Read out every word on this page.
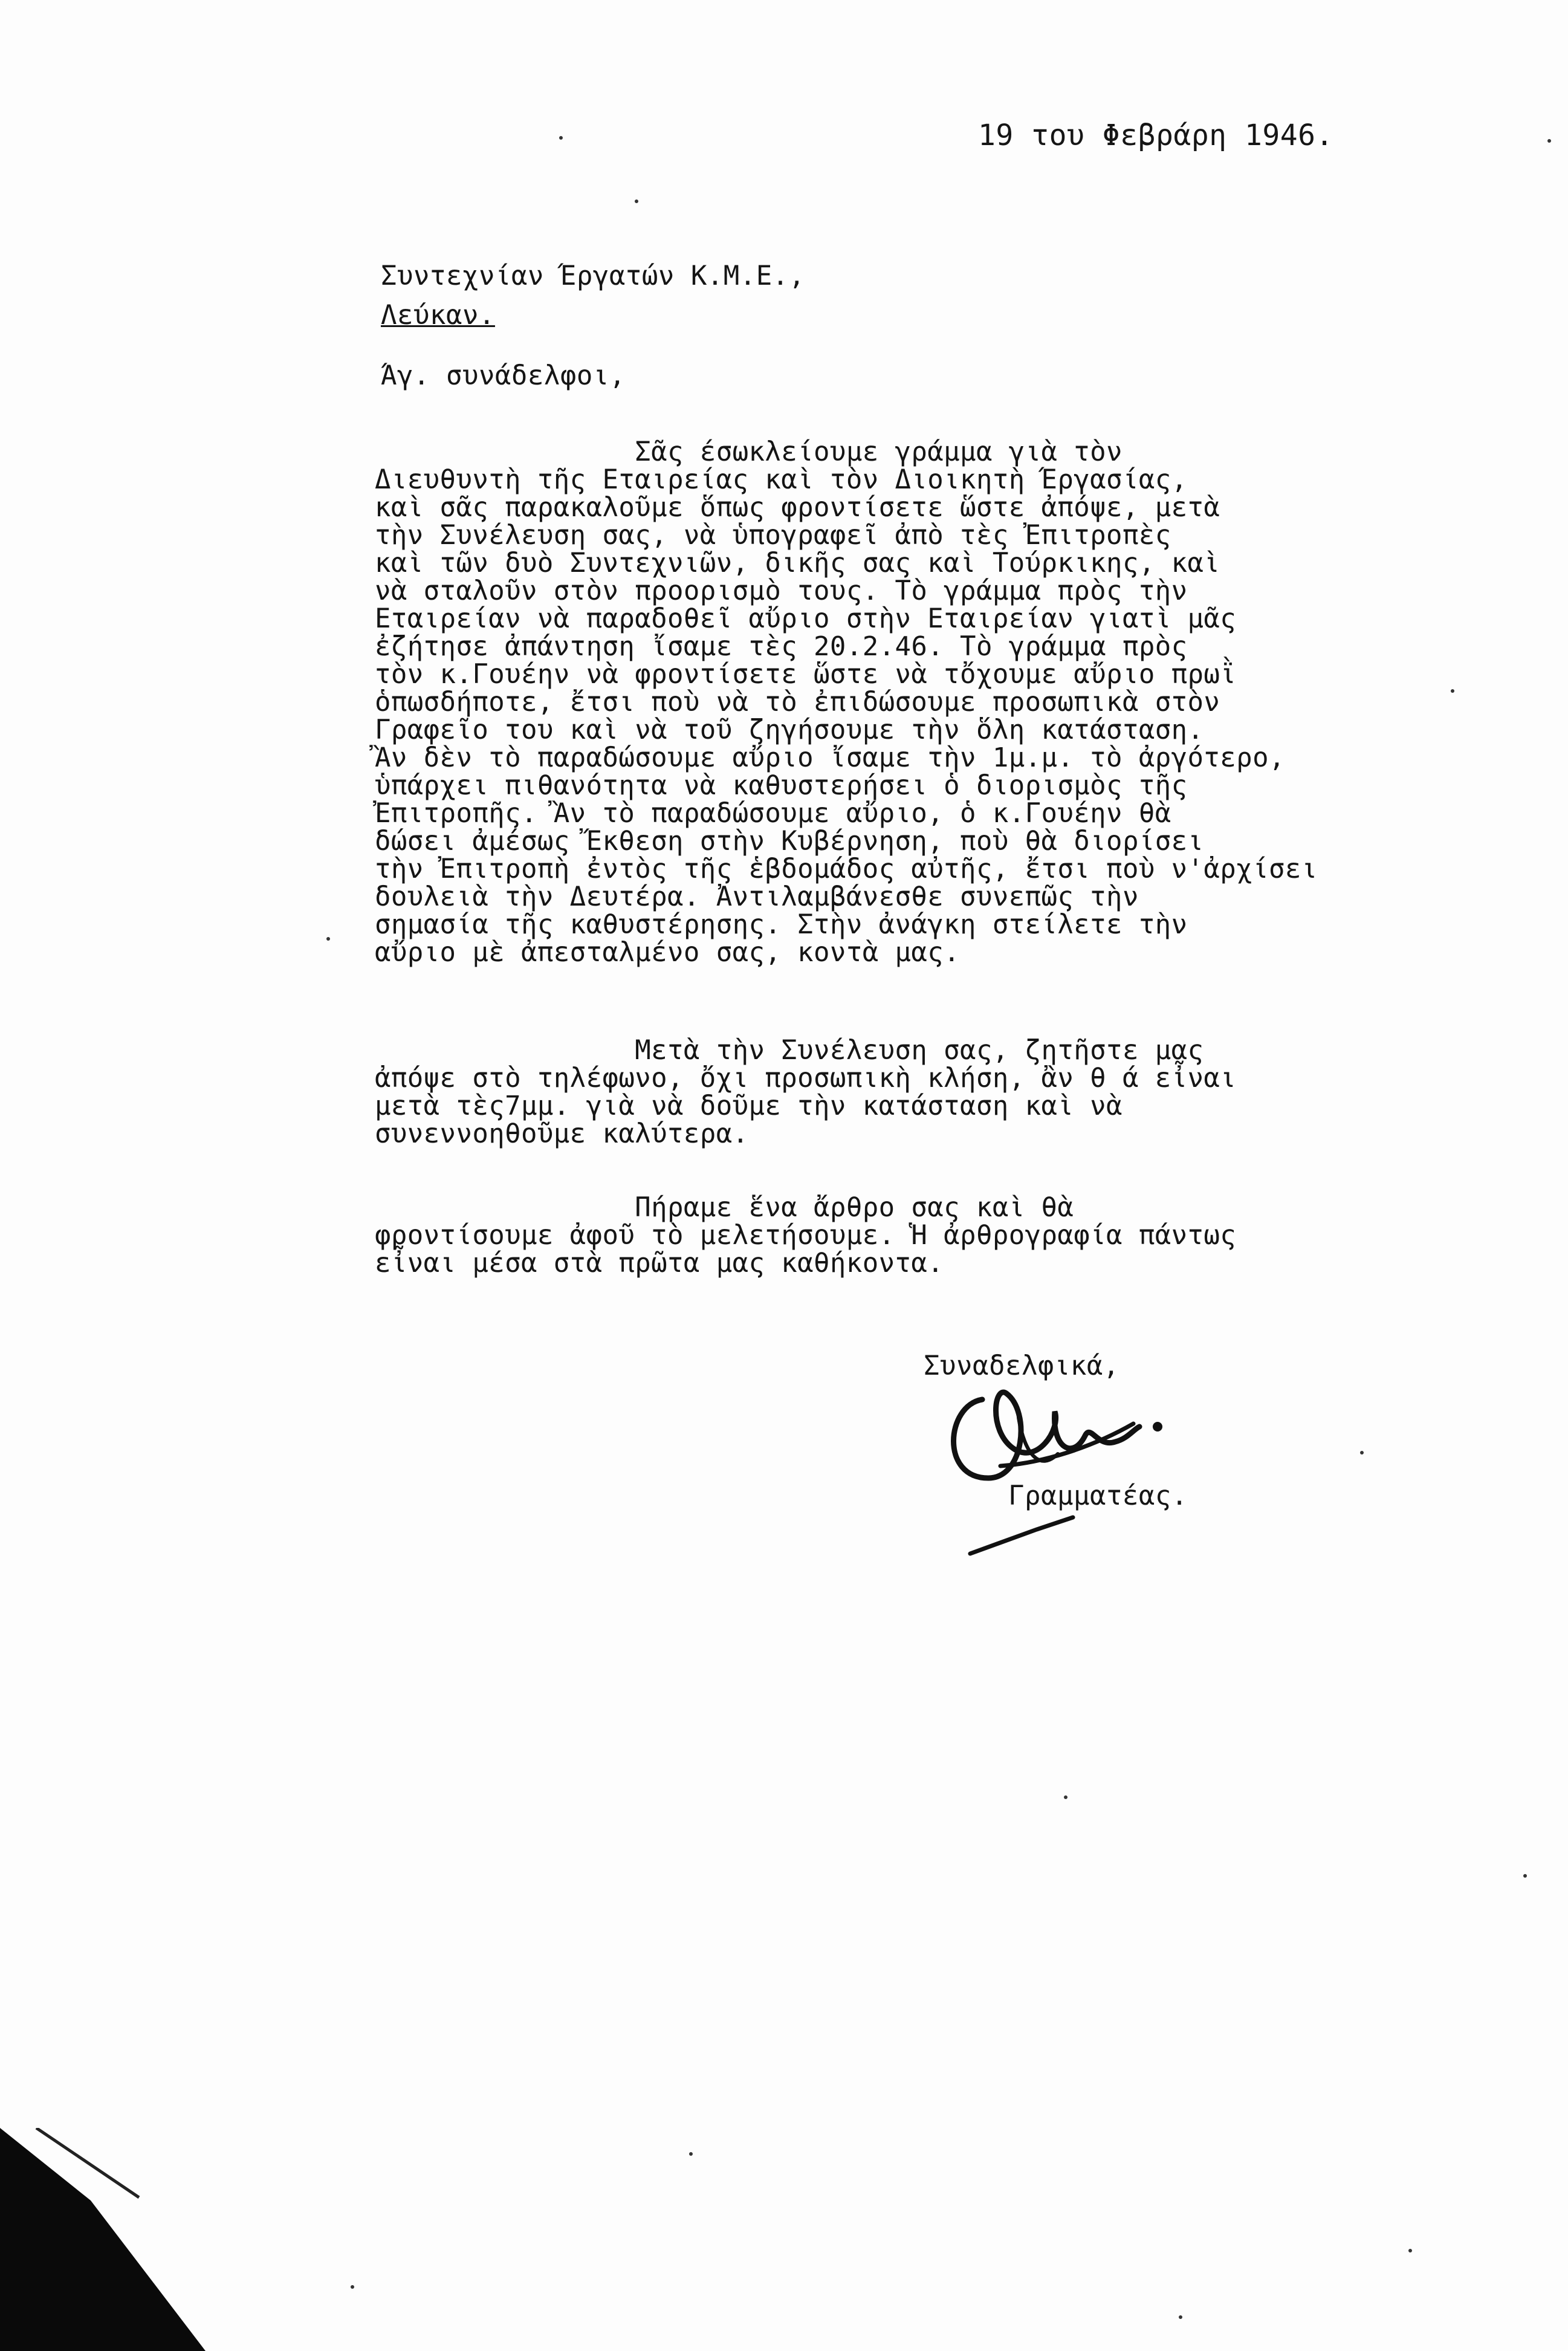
19 του Φεβράρη 1946.
Συντεχνίαν Έργατών Κ.Μ.Ε.,
Λεύκαν.
Άγ. συνάδελφοι,
Σᾶς έσωκλείουμε γράμμα γιὰ τὸν
Διευθυντὴ τῆς Εταιρείας καὶ τὸν Διοικητὴ Έργασίας,
καὶ σᾶς παρακαλοῦμε ὅπως φροντίσετε ὥστε ἀπόψε, μετὰ
τὴν Συνέλευση σας, νὰ ὑπογραφεῖ ἀπὸ τὲς Ἐπιτροπὲς
καὶ τῶν δυὸ Συντεχνιῶν, δικῆς σας καὶ Τούρκικης, καὶ
νὰ σταλοῦν στὸν προορισμὸ τους. Τὸ γράμμα πρὸς τὴν
Εταιρείαν νὰ παραδοθεῖ αὔριο στὴν Εταιρείαν γιατὶ μᾶς
ἐζήτησε ἀπάντηση ἴσαμε τὲς 20.2.46. Τὸ γράμμα πρὸς
τὸν κ.Γουέην νὰ φροντίσετε ὥστε νὰ τὄχουμε αὔριο πρωῒ
ὁπωσδήποτε, ἔτσι ποὺ νὰ τὸ ἐπιδώσουμε προσωπικὰ στὸν
Γραφεῖο του καὶ νὰ τοῦ ζηγήσουμε τὴν ὅλη κατάσταση.
Ἂν δὲν τὸ παραδώσουμε αὔριο ἴσαμε τὴν 1μ.μ. τὸ ἀργότερο,
ὑπάρχει πιθανότητα νὰ καθυστερήσει ὁ διορισμὸς τῆς
Ἐπιτροπῆς. Ἂν τὸ παραδώσουμε αὔριο, ὁ κ.Γουέην θὰ
δώσει ἀμέσως Ἔκθεση στὴν Κυβέρνηση, ποὺ θὰ διορίσει
τὴν Ἐπιτροπὴ ἐντὸς τῆς ἑβδομάδος αὐτῆς, ἔτσι ποὺ ν'ἀρχίσει
δουλειὰ τὴν Δευτέρα. Ἀντιλαμβάνεσθε συνεπῶς τὴν
σημασία τῆς καθυστέρησης. Στὴν ἀνάγκη στείλετε τὴν
αὔριο μὲ ἀπεσταλμένο σας, κοντὰ μας.
Μετὰ τὴν Συνέλευση σας, ζητῆστε μας
ἀπόψε στὸ τηλέφωνο, ὄχι προσωπικὴ κλήση, ἂν θ ά εἶναι
μετὰ τὲς7μμ. γιὰ νὰ δοῦμε τὴν κατάσταση καὶ νὰ
συνεννοηθοῦμε καλύτερα.
Πήραμε ἕνα ἄρθρο σας καὶ θὰ
φροντίσουμε ἀφοῦ τὸ μελετήσουμε. Ἡ ἀρθρογραφία πάντως
εἶναι μέσα στὰ πρῶτα μας καθήκοντα.
Συναδελφικά,
Γραμματέας.
